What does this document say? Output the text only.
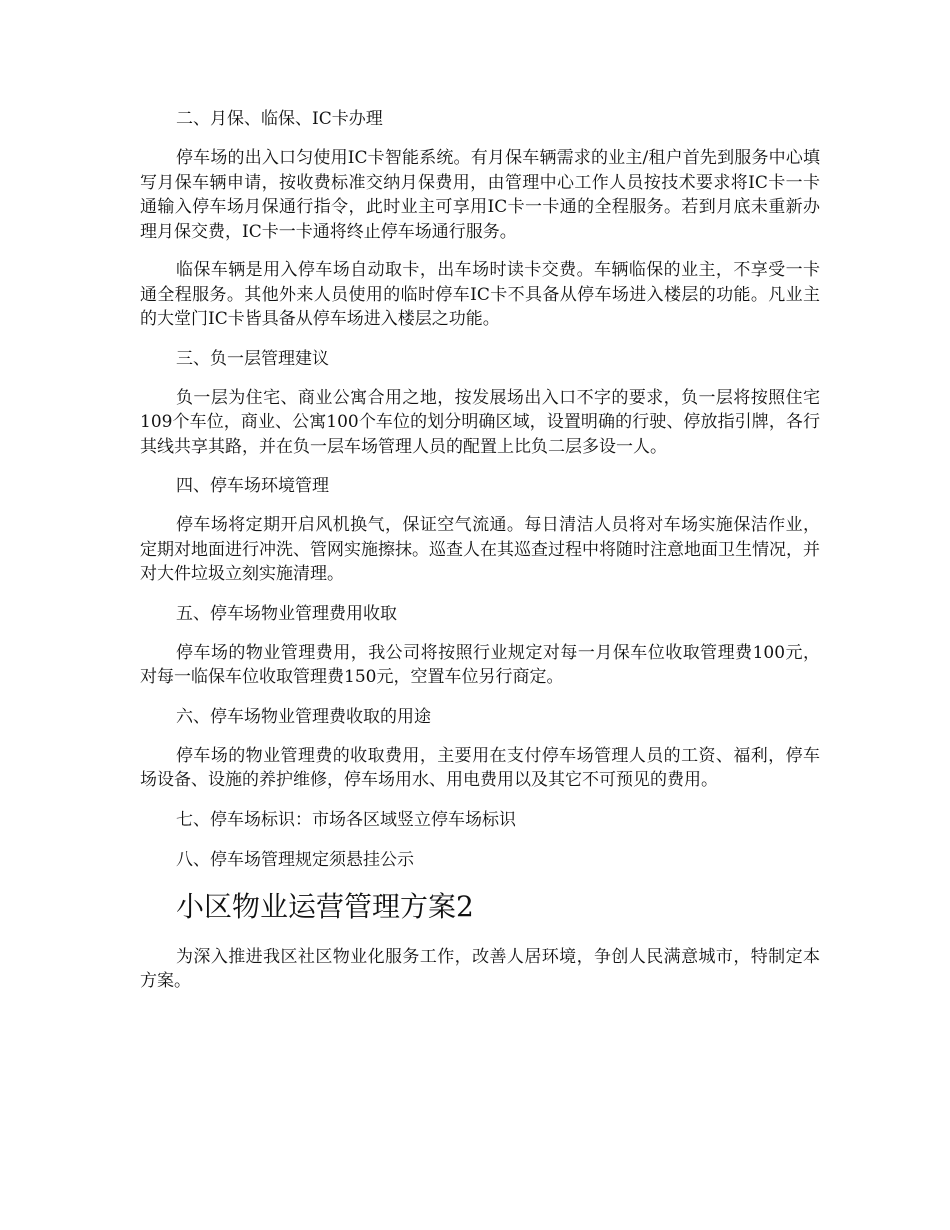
二、月保、临保、IC卡办理
停车场的出入口匀使用IC卡智能系统。有月保车辆需求的业主/租户首先到服务中心填写月保车辆申请，按收费标准交纳月保费用，由管理中心工作人员按技术要求将IC卡一卡通输入停车场月保通行指令，此时业主可享用IC卡一卡通的全程服务。若到月底未重新办理月保交费，IC卡一卡通将终止停车场通行服务。
临保车辆是用入停车场自动取卡，出车场时读卡交费。车辆临保的业主，不享受一卡通全程服务。其他外来人员使用的临时停车IC卡不具备从停车场进入楼层的功能。凡业主的大堂门IC卡皆具备从停车场进入楼层之功能。
三、负一层管理建议
负一层为住宅、商业公寓合用之地，按发展场出入口不字的要求，负一层将按照住宅109个车位，商业、公寓100个车位的划分明确区域，设置明确的行驶、停放指引牌，各行其线共享其路，并在负一层车场管理人员的配置上比负二层多设一人。
四、停车场环境管理
停车场将定期开启风机换气，保证空气流通。每日清洁人员将对车场实施保洁作业，定期对地面进行冲洗、管网实施擦抹。巡查人在其巡查过程中将随时注意地面卫生情况，并对大件垃圾立刻实施清理。
五、停车场物业管理费用收取
停车场的物业管理费用，我公司将按照行业规定对每一月保车位收取管理费100元，对每一临保车位收取管理费150元，空置车位另行商定。
六、停车场物业管理费收取的用途
停车场的物业管理费的收取费用，主要用在支付停车场管理人员的工资、福利，停车场设备、设施的养护维修，停车场用水、用电费用以及其它不可预见的费用。
七、停车场标识：市场各区域竖立停车场标识
八、停车场管理规定须悬挂公示
小区物业运营管理方案2
为深入推进我区社区物业化服务工作，改善人居环境，争创人民满意城市，特制定本方案。
